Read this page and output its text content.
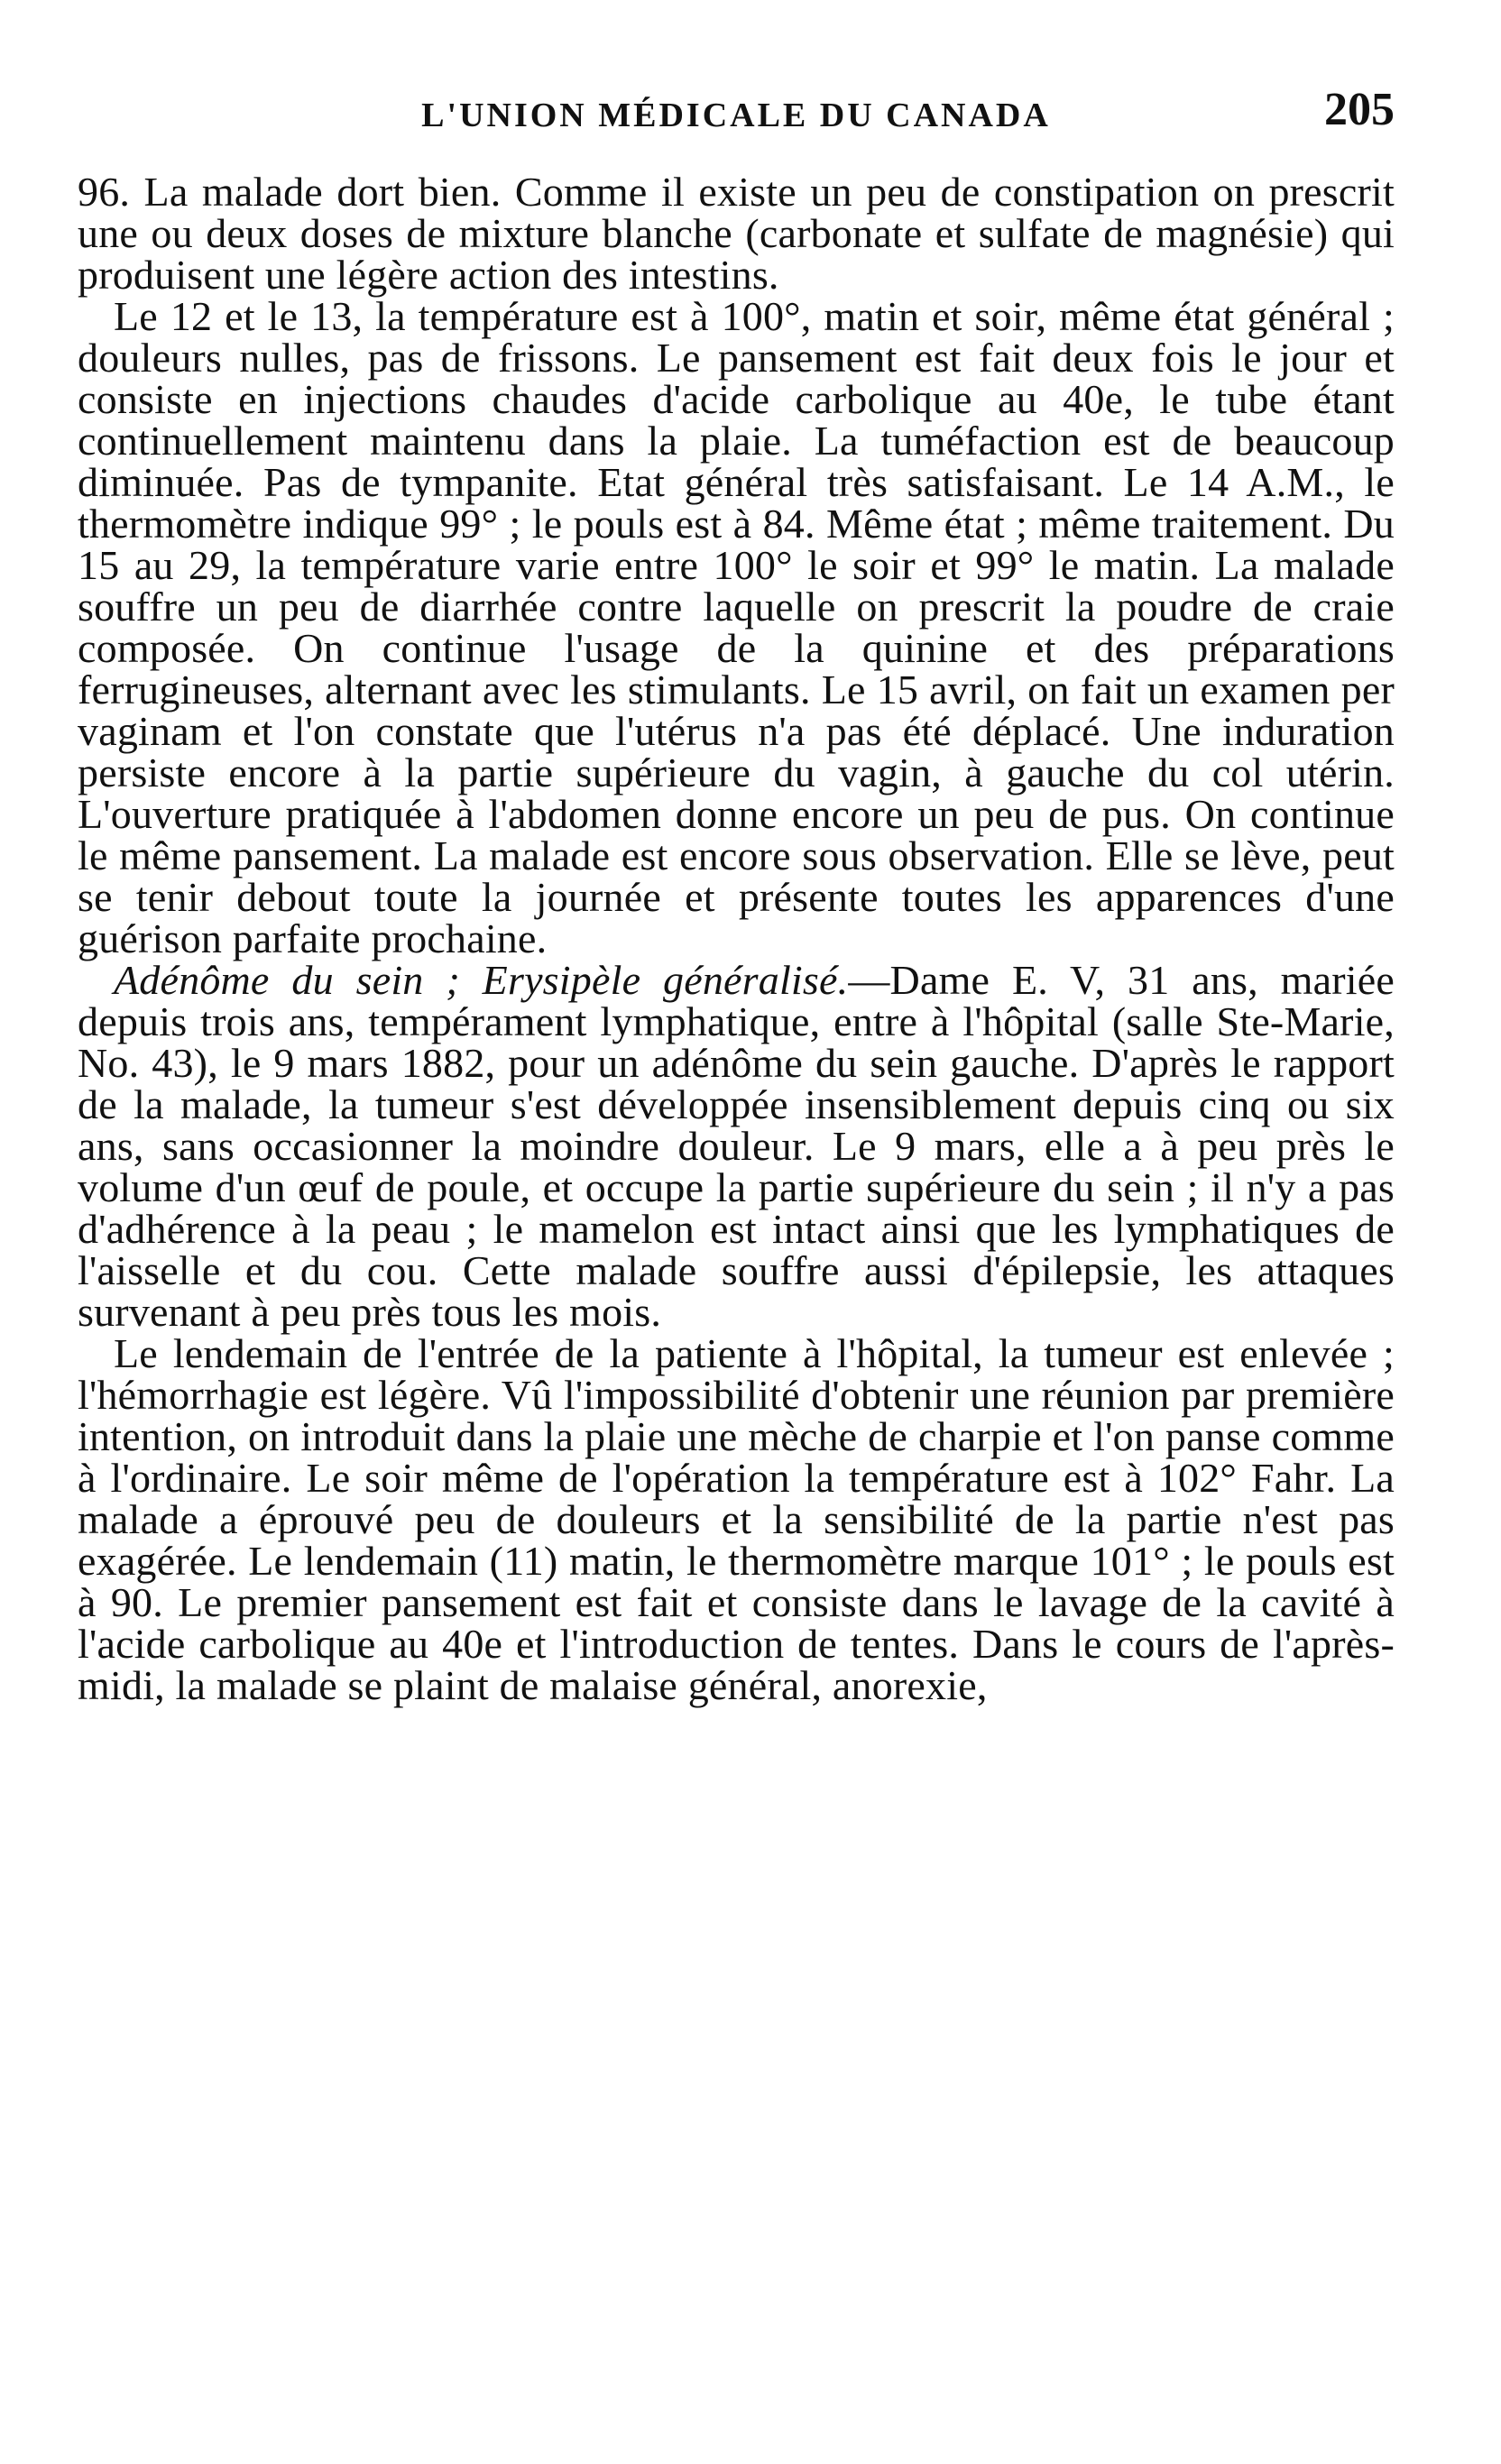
L'UNION MÉDICALE DU CANADA	205

96. La malade dort bien. Comme il existe un peu de constipation on prescrit une ou deux doses de mixture blanche (carbonate et sulfate de magnésie) qui produisent une légère action des intestins.

Le 12 et le 13, la température est à 100°, matin et soir, même état général ; douleurs nulles, pas de frissons. Le pansement est fait deux fois le jour et consiste en injections chaudes d'acide carbolique au 40e, le tube étant continuellement maintenu dans la plaie. La tuméfaction est de beaucoup diminuée. Pas de tympanite. Etat général très satisfaisant. Le 14 A.M., le thermomètre indique 99° ; le pouls est à 84. Même état ; même traitement. Du 15 au 29, la température varie entre 100° le soir et 99° le matin. La malade souffre un peu de diarrhée contre laquelle on prescrit la poudre de craie composée. On continue l'usage de la quinine et des préparations ferrugineuses, alternant avec les stimulants. Le 15 avril, on fait un examen per vaginam et l'on constate que l'utérus n'a pas été déplacé. Une induration persiste encore à la partie supérieure du vagin, à gauche du col utérin. L'ouverture pratiquée à l'abdomen donne encore un peu de pus. On continue le même pansement. La malade est encore sous observation. Elle se lève, peut se tenir debout toute la journée et présente toutes les apparences d'une guérison parfaite prochaine.

Adénôme du sein ; Erysipèle généralisé.—Dame E. V, 31 ans, mariée depuis trois ans, tempérament lymphatique, entre à l'hôpital (salle Ste-Marie, No. 43), le 9 mars 1882, pour un adénôme du sein gauche. D'après le rapport de la malade, la tumeur s'est développée insensiblement depuis cinq ou six ans, sans occasionner la moindre douleur. Le 9 mars, elle a à peu près le volume d'un œuf de poule, et occupe la partie supérieure du sein ; il n'y a pas d'adhérence à la peau ; le mamelon est intact ainsi que les lymphatiques de l'aisselle et du cou. Cette malade souffre aussi d'épilepsie, les attaques survenant à peu près tous les mois.

Le lendemain de l'entrée de la patiente à l'hôpital, la tumeur est enlevée ; l'hémorrhagie est légère. Vû l'impossibilité d'obtenir une réunion par première intention, on introduit dans la plaie une mèche de charpie et l'on panse comme à l'ordinaire. Le soir même de l'opération la température est à 102° Fahr. La malade a éprouvé peu de douleurs et la sensibilité de la partie n'est pas exagérée. Le lendemain (11) matin, le thermomètre marque 101° ; le pouls est à 90. Le premier pansement est fait et consiste dans le lavage de la cavité à l'acide carbolique au 40e et l'introduction de tentes. Dans le cours de l'après-midi, la malade se plaint de malaise général, anorexie,
